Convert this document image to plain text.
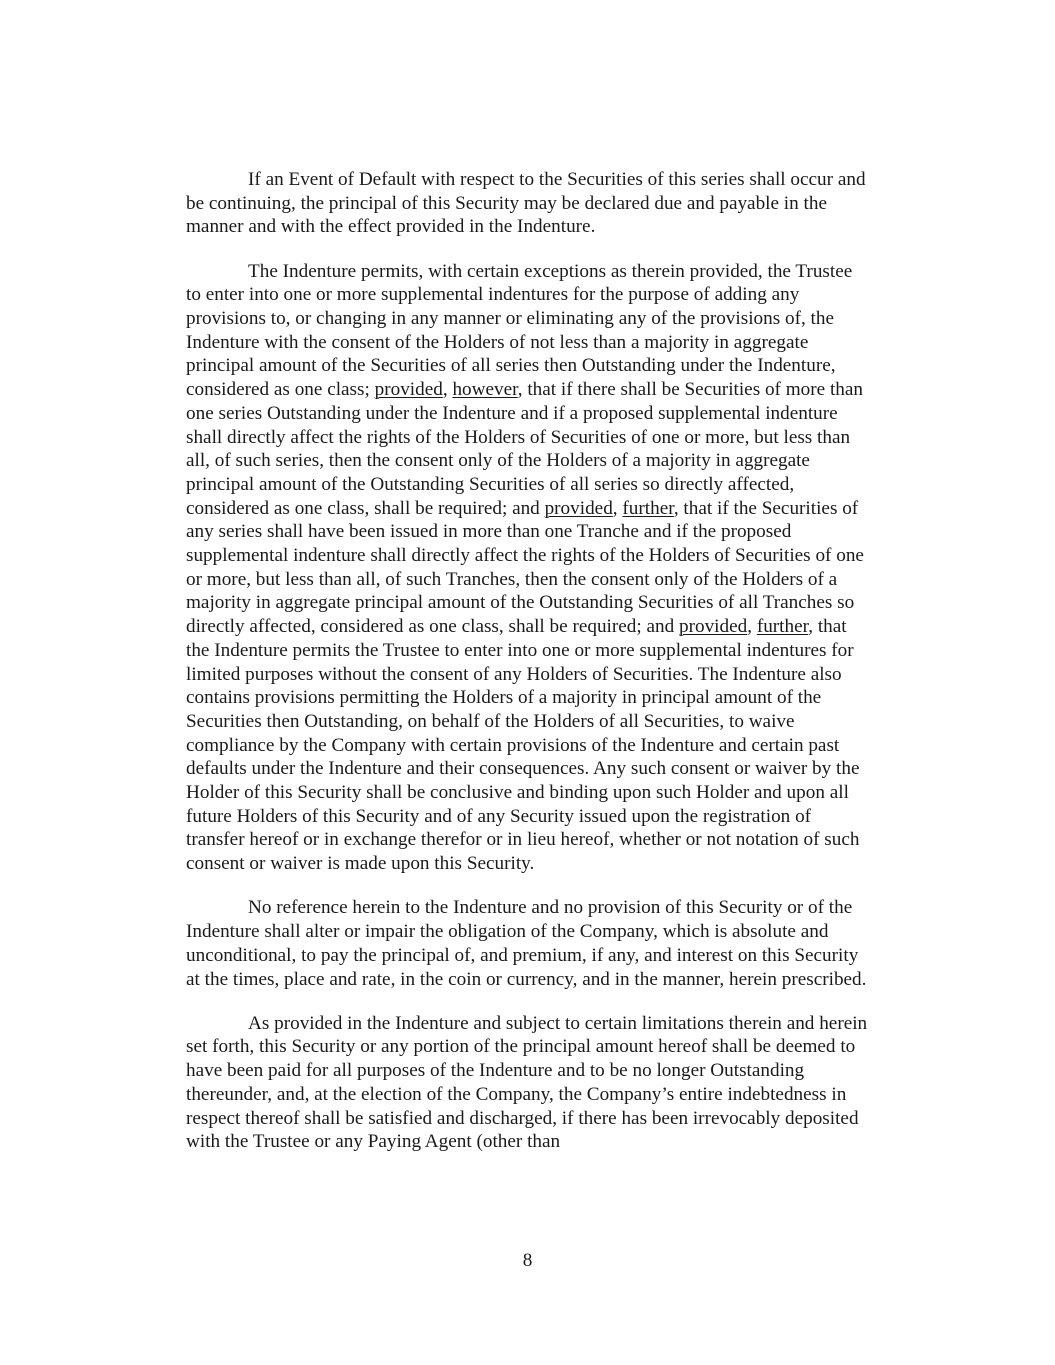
If an Event of Default with respect to the Securities of this series shall occur and be continuing, the principal of this Security may be declared due and payable in the manner and with the effect provided in the Indenture.

The Indenture permits, with certain exceptions as therein provided, the Trustee to enter into one or more supplemental indentures for the purpose of adding any provisions to, or changing in any manner or eliminating any of the provisions of, the Indenture with the consent of the Holders of not less than a majority in aggregate principal amount of the Securities of all series then Outstanding under the Indenture, considered as one class; provided, however, that if there shall be Securities of more than one series Outstanding under the Indenture and if a proposed supplemental indenture shall directly affect the rights of the Holders of Securities of one or more, but less than all, of such series, then the consent only of the Holders of a majority in aggregate principal amount of the Outstanding Securities of all series so directly affected, considered as one class, shall be required; and provided, further, that if the Securities of any series shall have been issued in more than one Tranche and if the proposed supplemental indenture shall directly affect the rights of the Holders of Securities of one or more, but less than all, of such Tranches, then the consent only of the Holders of a majority in aggregate principal amount of the Outstanding Securities of all Tranches so directly affected, considered as one class, shall be required; and provided, further, that the Indenture permits the Trustee to enter into one or more supplemental indentures for limited purposes without the consent of any Holders of Securities. The Indenture also contains provisions permitting the Holders of a majority in principal amount of the Securities then Outstanding, on behalf of the Holders of all Securities, to waive compliance by the Company with certain provisions of the Indenture and certain past defaults under the Indenture and their consequences. Any such consent or waiver by the Holder of this Security shall be conclusive and binding upon such Holder and upon all future Holders of this Security and of any Security issued upon the registration of transfer hereof or in exchange therefor or in lieu hereof, whether or not notation of such consent or waiver is made upon this Security.

No reference herein to the Indenture and no provision of this Security or of the Indenture shall alter or impair the obligation of the Company, which is absolute and unconditional, to pay the principal of, and premium, if any, and interest on this Security at the times, place and rate, in the coin or currency, and in the manner, herein prescribed.

As provided in the Indenture and subject to certain limitations therein and herein set forth, this Security or any portion of the principal amount hereof shall be deemed to have been paid for all purposes of the Indenture and to be no longer Outstanding thereunder, and, at the election of the Company, the Company’s entire indebtedness in respect thereof shall be satisfied and discharged, if there has been irrevocably deposited with the Trustee or any Paying Agent (other than

8
